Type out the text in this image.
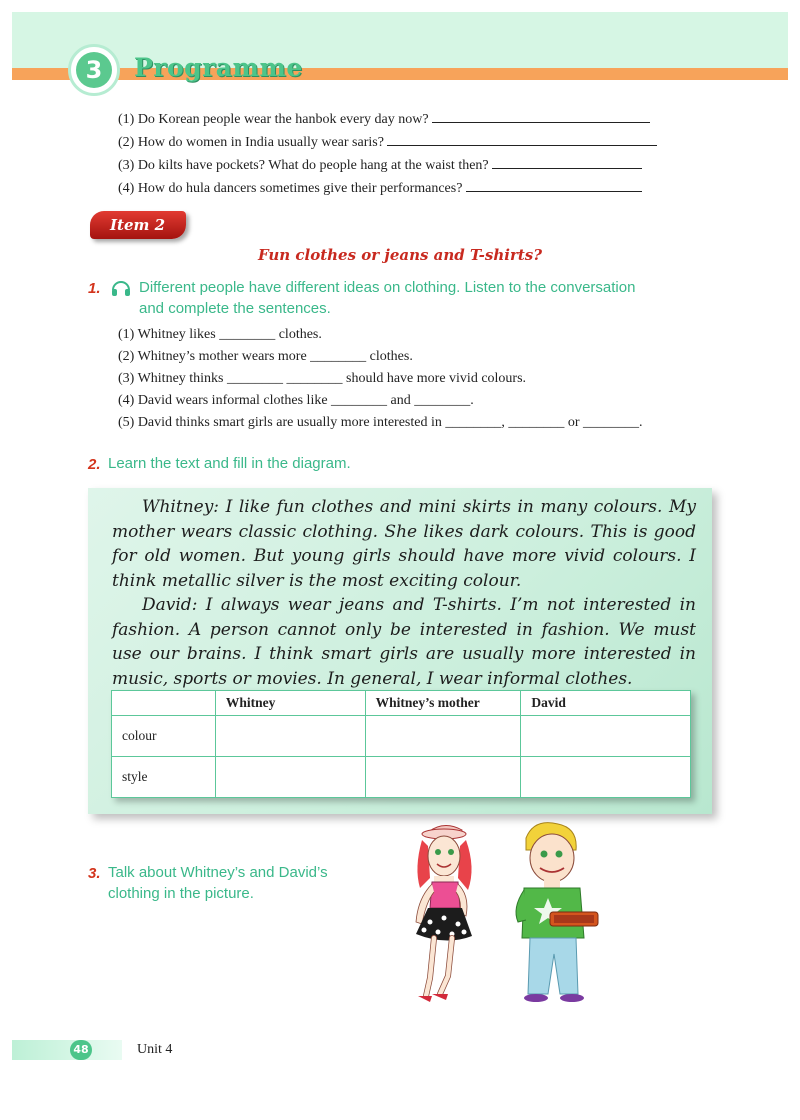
3	Programme
(1) Do Korean people wear the hanbok every day now?
(2) How do women in India usually wear saris?
(3) Do kilts have pockets? What do people hang at the waist then?
(4) How do hula dancers sometimes give their performances?
Item 2
Fun clothes or jeans and T-shirts?
1.	Different people have different ideas on clothing. Listen to the conversation
and complete the sentences.
(1) Whitney likes ________ clothes.
(2) Whitney’s mother wears more ________ clothes.
(3) Whitney thinks ________ ________ should have more vivid colours.
(4) David wears informal clothes like ________ and ________.
(5) David thinks smart girls are usually more interested in ________, ________ or ________.
2. Learn the text and fill in the diagram.

Whitney: I like fun clothes and mini skirts in many colours. My mother wears classic clothing. She likes dark colours. This is good for old women. But young girls should have more vivid colours. I think metallic silver is the most exciting colour.

David: I always wear jeans and T-shirts. I’m not interested in fashion. A person cannot only be interested in fashion. We must use our brains. I think smart girls are usually more interested in music, sports or movies. In general, I wear informal clothes.

	Whitney	Whitney’s mother	David
colour			
style			
3. Talk about Whitney’s and David’s
clothing in the picture.
48	Unit 4
